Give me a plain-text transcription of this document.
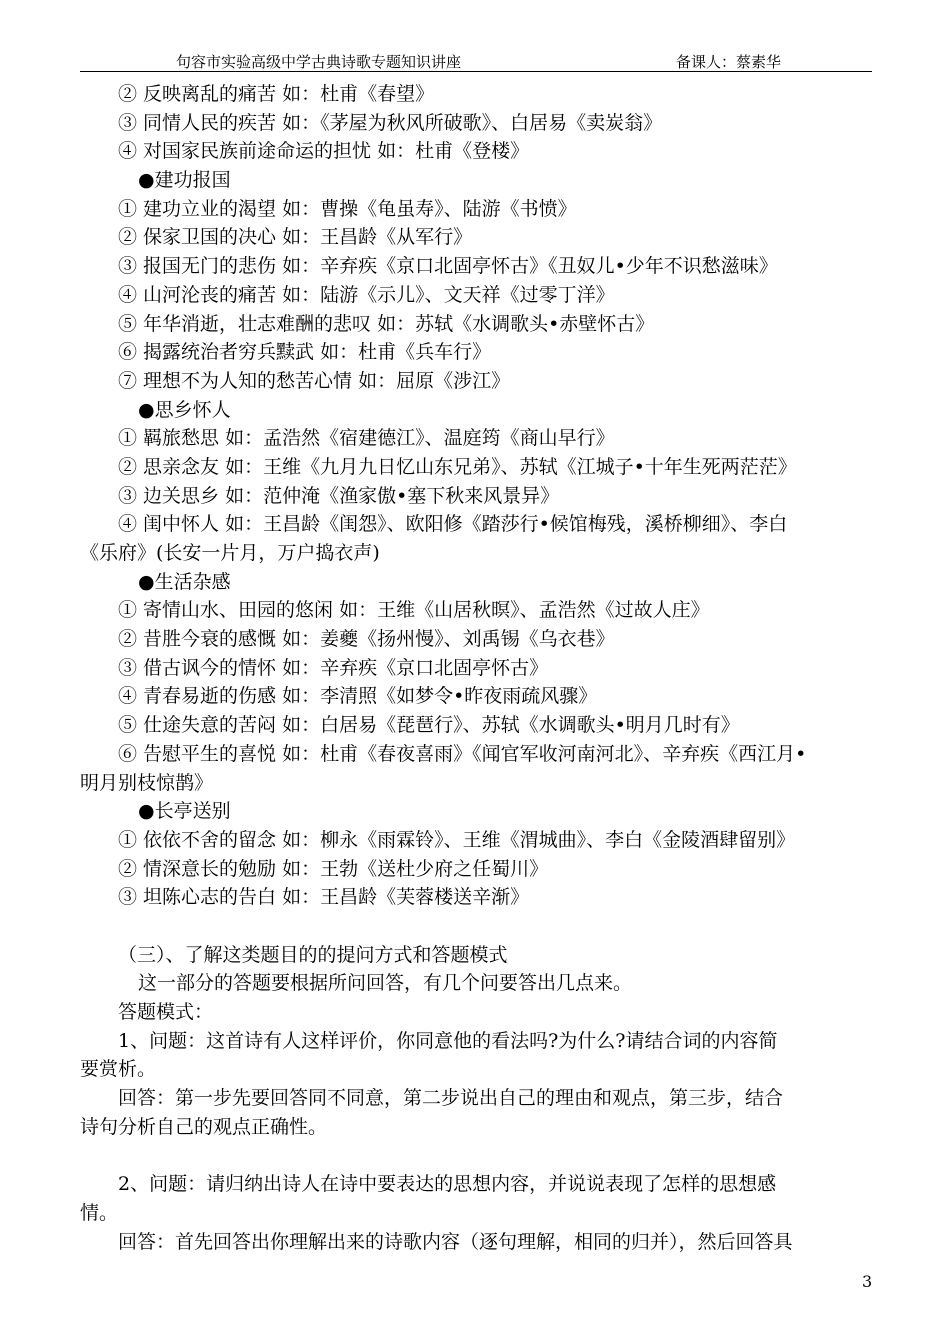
句容市实验高级中学古典诗歌专题知识讲座	备课人：蔡素华
② 反映离乱的痛苦 如：杜甫《春望》
③ 同情人民的疾苦 如：《茅屋为秋风所破歌》、白居易《卖炭翁》
④ 对国家民族前途命运的担忧 如：杜甫《登楼》
●建功报国
① 建功立业的渴望 如：曹操《龟虽寿》、陆游《书愤》
② 保家卫国的决心 如：王昌龄《从军行》
③ 报国无门的悲伤 如：辛弃疾《京口北固亭怀古》《丑奴儿•少年不识愁滋味》
④ 山河沦丧的痛苦 如：陆游《示儿》、文天祥《过零丁洋》
⑤ 年华消逝，壮志难酬的悲叹 如：苏轼《水调歌头•赤壁怀古》
⑥ 揭露统治者穷兵黩武 如：杜甫《兵车行》
⑦ 理想不为人知的愁苦心情 如：屈原《涉江》
●思乡怀人
① 羁旅愁思 如：孟浩然《宿建德江》、温庭筠《商山早行》
② 思亲念友 如：王维《九月九日忆山东兄弟》、苏轼《江城子•十年生死两茫茫》
③ 边关思乡 如：范仲淹《渔家傲•塞下秋来风景异》
④ 闺中怀人 如：王昌龄《闺怨》、欧阳修《踏莎行•候馆梅残，溪桥柳细》、李白
《乐府》(长安一片月，万户捣衣声)
●生活杂感
① 寄情山水、田园的悠闲 如：王维《山居秋暝》、孟浩然《过故人庄》
② 昔胜今衰的感慨 如：姜夔《扬州慢》、刘禹锡《乌衣巷》
③ 借古讽今的情怀 如：辛弃疾《京口北固亭怀古》
④ 青春易逝的伤感 如：李清照《如梦令•昨夜雨疏风骤》
⑤ 仕途失意的苦闷 如：白居易《琵琶行》、苏轼《水调歌头•明月几时有》
⑥ 告慰平生的喜悦 如：杜甫《春夜喜雨》《闻官军收河南河北》、辛弃疾《西江月•
明月别枝惊鹊》
●长亭送别
① 依依不舍的留念 如：柳永《雨霖铃》、王维《渭城曲》、李白《金陵酒肆留别》
② 情深意长的勉励 如：王勃《送杜少府之任蜀川》
③ 坦陈心志的告白 如：王昌龄《芙蓉楼送辛渐》
（三）、了解这类题目的的提问方式和答题模式
这一部分的答题要根据所问回答，有几个问要答出几点来。
答题模式：
1、问题：这首诗有人这样评价，你同意他的看法吗?为什么?请结合词的内容简
要赏析。
回答：第一步先要回答同不同意，第二步说出自己的理由和观点，第三步，结合
诗句分析自己的观点正确性。
2、问题：请归纳出诗人在诗中要表达的思想内容，并说说表现了怎样的思想感
情。
回答：首先回答出你理解出来的诗歌内容（逐句理解，相同的归并），然后回答具
3
